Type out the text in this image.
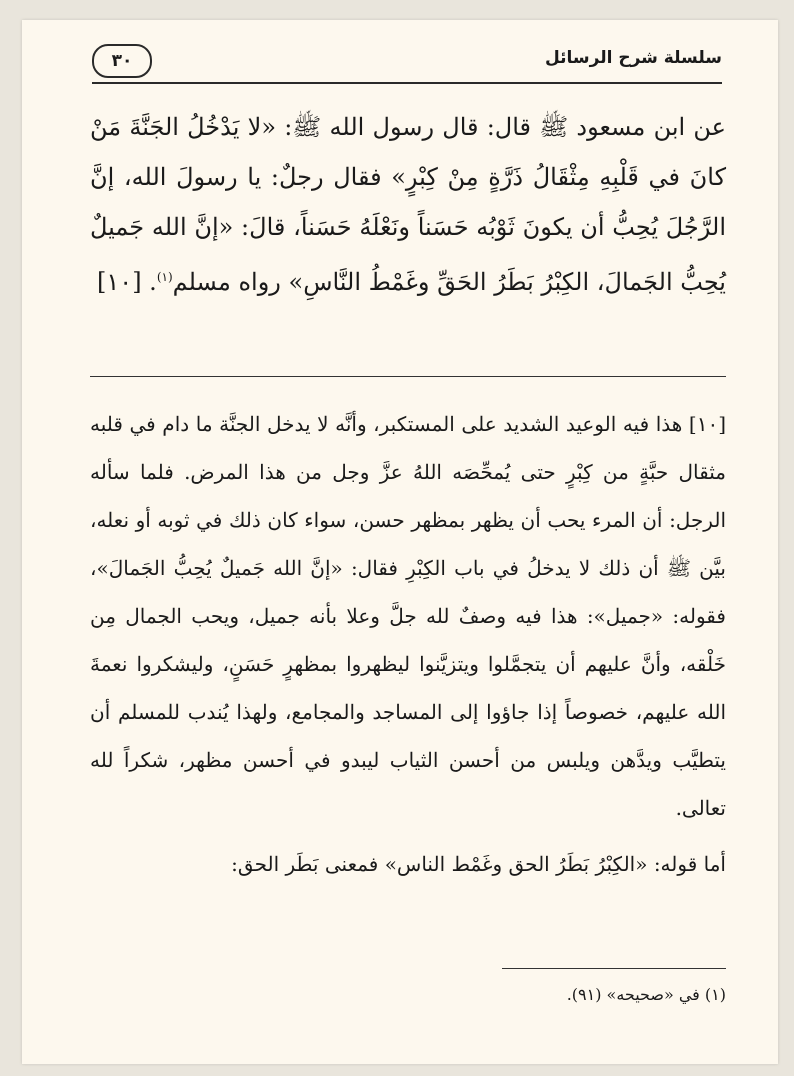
سلسلة شرح الرسائل
٣٠

عن ابن مسعود ﷺ قال: قال رسول الله ﷺ: «لا يَدْخُلُ الجَنَّةَ مَنْ كانَ في قَلْبِهِ مِثْقَالُ ذَرَّةٍ مِنْ كِبْرٍ» فقال رجلٌ: يا رسولَ الله، إنَّ الرَّجُلَ يُحِبُّ أن يكونَ ثَوْبُه حَسَناً ونَعْلَهُ حَسَناً، قالَ: «إنَّ الله جَميلٌ يُحِبُّ الجَمالَ، الكِبْرُ بَطَرُ الحَقِّ وغَمْطُ النَّاسِ» رواه مسلم$^{(١)}$. [١٠]

[١٠] هذا فيه الوعيد الشديد على المستكبر، وأنَّه لا يدخل الجنَّة ما دام في قلبه مثقال حبَّةٍ من كِبْرٍ حتى يُمحِّصَه اللهُ عزَّ وجل من هذا المرض. فلما سأله الرجل: أن المرء يحب أن يظهر بمظهر حسن، سواء كان ذلك في ثوبه أو نعله، بيَّن ﷺ أن ذلك لا يدخلُ في باب الكِبْرِ فقال: «إنَّ الله جَميلٌ يُحِبُّ الجَمالَ»، فقوله: «جميل»: هذا فيه وصفٌ لله جلَّ وعلا بأنه جميل، ويحب الجمال مِن خَلْقه، وأنَّ عليهم أن يتجمَّلوا ويتزيَّنوا ليظهروا بمظهرٍ حَسَنٍ، وليشكروا نعمةَ الله عليهم، خصوصاً إذا جاؤوا إلى المساجد والمجامع، ولهذا يُندب للمسلم أن يتطيَّب ويدَّهن ويلبس من أحسن الثياب ليبدو في أحسن مظهر، شكراً لله تعالى.

أما قوله: «الكِبْرُ بَطَرُ الحق وغَمْط الناس» فمعنى بَطَر الحق:

(١) في «صحيحه» (٩١).
